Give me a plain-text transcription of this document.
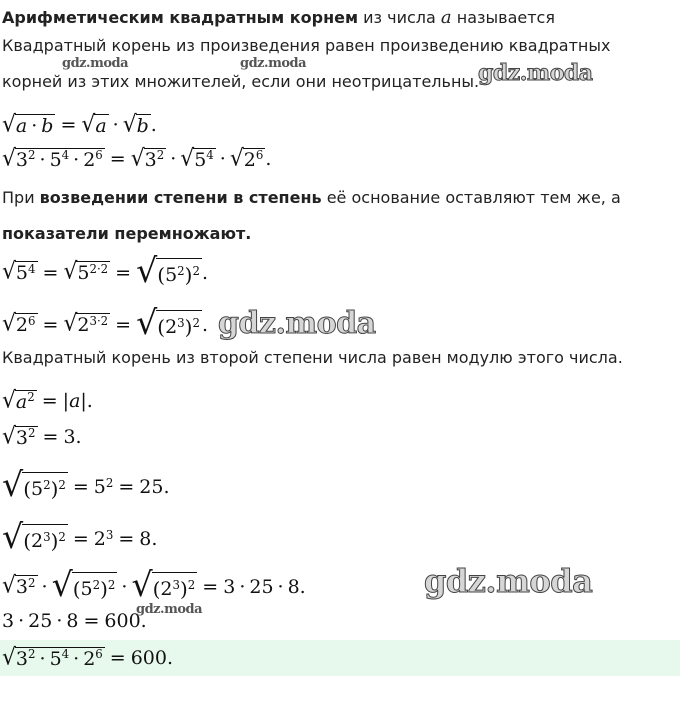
Арифметическим квадратным корнем из числа a называется
Квадратный корень из произведения равен произведению квадратных
корней из этих множителей, если они неотрицательны.
√ a · b = √ a · √ b .
√ $3^2 \cdot 5^4 \cdot 2^6$ = √ $3^2$ · √ $5^4$ · √ $2^6$ .
При возведении степени в степень её основание оставляют тем же, а
показатели перемножают.
√ $5^4$ = √ $5^{2\cdot 2}$ = √ ( $5^2$ )$^2$ .
√ $2^6$ = √ $2^{3\cdot 2}$ = √ ( $2^3$ )$^2$ .
Квадратный корень из второй степени числа равен модулю этого числа.
√ $a^2$ = | a |.
√ $3^2 = 3$.
√ ( $5^2$ )$^2 = 5^2 = 25$.
√ ( $2^3$ )$^2 = 2^3 = 8$.
√ $3^2$ · √ ( $5^2$ )$^2$ · √ ( $2^3$ )$^2$ = 3 · 25 · 8.
3 · 25 · 8 = 600.
√ $3^2 \cdot 5^4 \cdot 2^6 = 600$.
gdz.moda	gdz.moda	gdz.moda
gdz.moda
gdz.moda
gdz.moda
